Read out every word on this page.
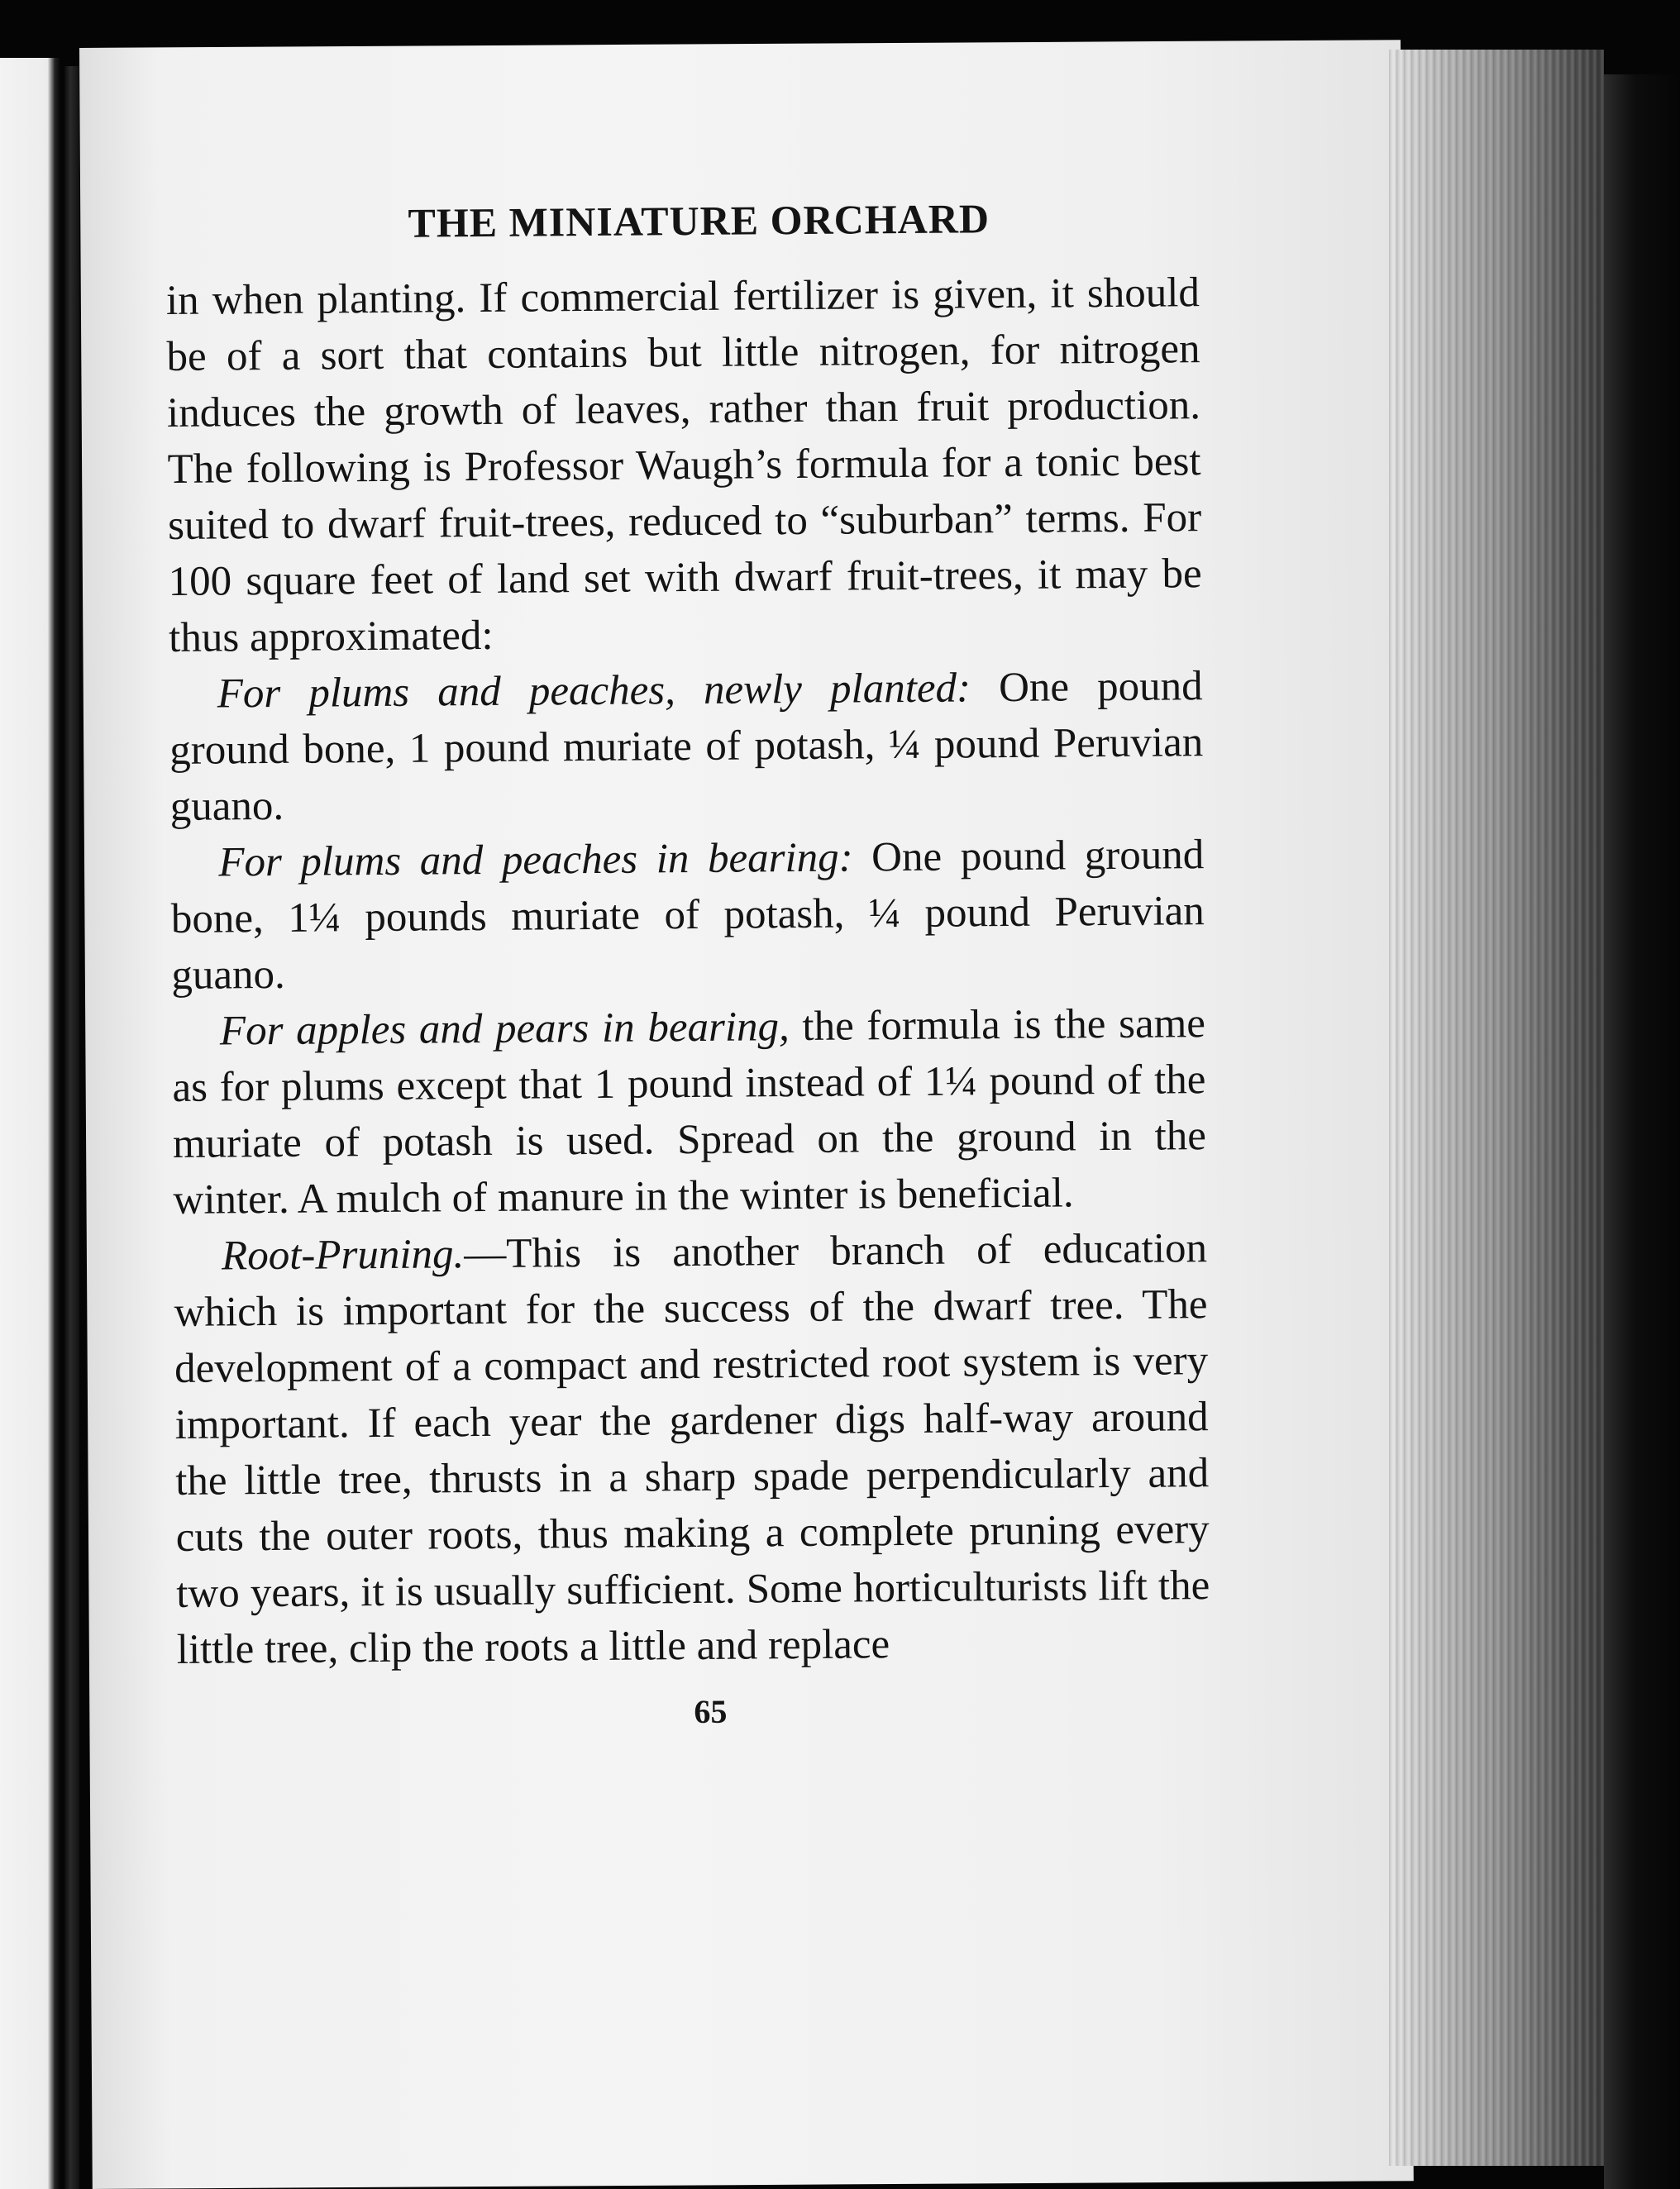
THE MINIATURE ORCHARD

in when planting. If commercial fertilizer is given, it should be of a sort that contains but little nitrogen, for nitrogen induces the growth of leaves, rather than fruit production. The following is Professor Waugh’s formula for a tonic best suited to dwarf fruit-trees, reduced to “suburban” terms. For 100 square feet of land set with dwarf fruit-trees, it may be thus approximated:

For plums and peaches, newly planted: One pound ground bone, 1 pound muriate of potash, ¼ pound Peruvian guano.

For plums and peaches in bearing: One pound ground bone, 1¼ pounds muriate of potash, ¼ pound Peruvian guano.

For apples and pears in bearing, the formula is the same as for plums except that 1 pound instead of 1¼ pound of the muriate of potash is used. Spread on the ground in the winter. A mulch of manure in the winter is beneficial.

Root-Pruning.—This is another branch of education which is important for the success of the dwarf tree. The development of a compact and restricted root system is very important. If each year the gardener digs half-way around the little tree, thrusts in a sharp spade perpendicularly and cuts the outer roots, thus making a complete pruning every two years, it is usually sufficient. Some horticulturists lift the little tree, clip the roots a little and replace

65
